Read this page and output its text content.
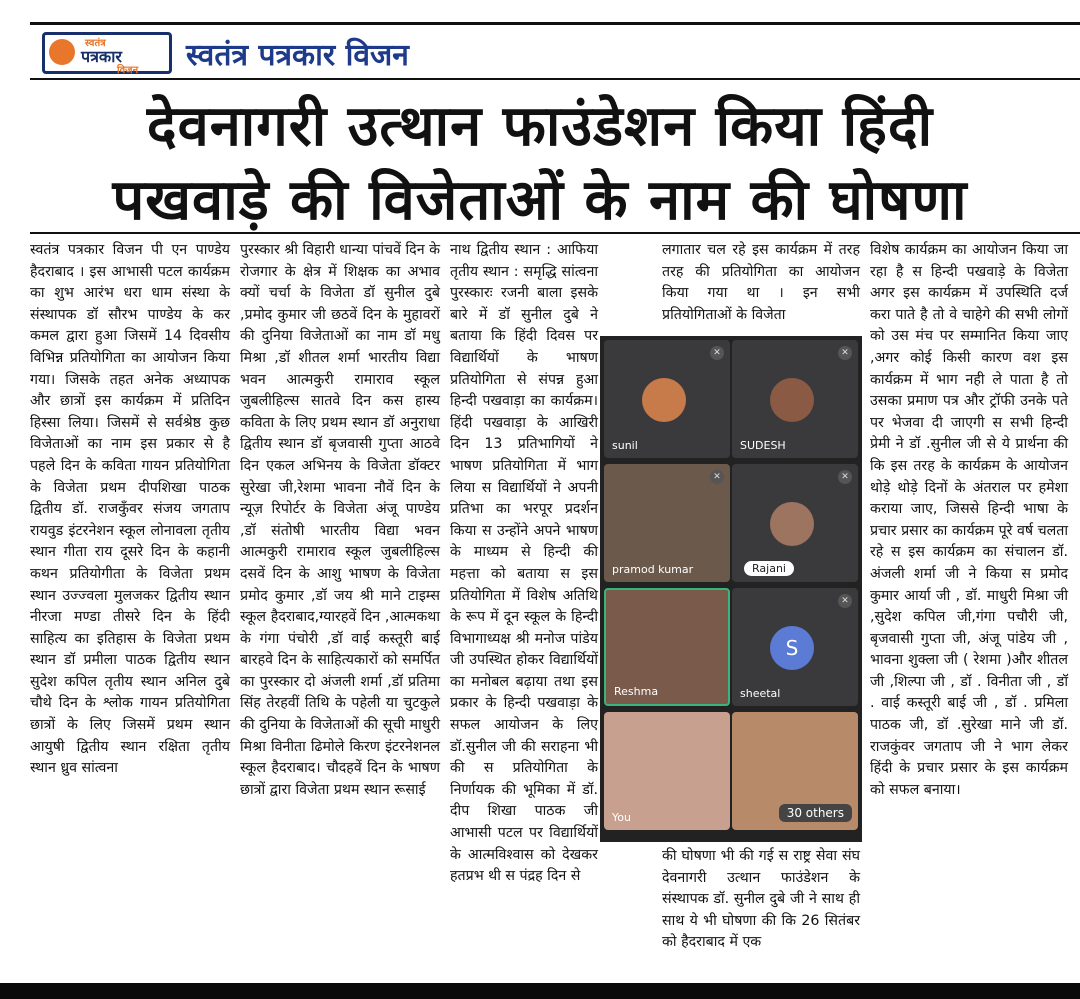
स्वतंत्र
पत्रकार
विजन स्वतंत्र पत्रकार विजन
देवनागरी उत्थान फाउंडेशन किया हिंदी
पखवाड़े की विजेताओं के नाम की घोषणा

स्वतंत्र पत्रकार विजन पी एन पाण्डेय हैदराबाद । इस आभासी पटल कार्यक्रम का शुभ आरंभ धरा धाम संस्था के संस्थापक डॉ सौरभ पाण्डेय के कर कमल द्वारा हुआ जिसमें 14 दिवसीय विभिन्न प्रतियोगिता का आयोजन किया गया। जिसके तहत अनेक अध्यापक और छात्रों इस कार्यक्रम में प्रतिदिन हिस्सा लिया। जिसमें से सर्वश्रेष्ठ कुछ विजेताओं का नाम इस प्रकार से है पहले दिन के कविता गायन प्रतियोगिता के विजेता प्रथम दीपशिखा पाठक द्वितीय डॉ. राजकुँवर संजय जगताप रायवुड इंटरनेशन स्कूल लोनावला तृतीय स्थान गीता राय दूसरे दिन के कहानी कथन प्रतियोगीता के विजेता प्रथम स्थान उज्ज्वला मुलजकर द्वितीय स्थान नीरजा मण्डा तीसरे दिन के हिंदी साहित्य का इतिहास के विजेता प्रथम स्थान डॉ प्रमीला पाठक द्वितीय स्थान सुदेश कपिल तृतीय स्थान अनिल दुबे चौथे दिन के श्लोक गायन प्रतियोगिता छात्रों के लिए जिसमें प्रथम स्थान आयुषी द्वितीय स्थान रक्षिता तृतीय स्थान ध्रुव सांत्वना

पुरस्कार श्री विहारी धान्या पांचवें दिन के रोजगार के क्षेत्र में शिक्षक का अभाव क्यों चर्चा के विजेता डॉ सुनील दुबे ,प्रमोद कुमार जी छठवें दिन के मुहावरों की दुनिया विजेताओं का नाम डॉ मधु मिश्रा ,डॉ शीतल शर्मा भारतीय विद्या भवन आत्मकुरी रामाराव स्कूल जुबलीहिल्स सातवे दिन कस हास्य कविता के लिए प्रथम स्थान डॉ अनुराधा द्वितीय स्थान डॉ बृजवासी गुप्ता आठवे दिन एकल अभिनय के विजेता डॉक्टर सुरेखा जी,रेशमा भावना नौवें दिन के न्यूज़ रिपोर्टर के विजेता अंजू पाण्डेय ,डॉ संतोषी भारतीय विद्या भवन आत्मकुरी रामाराव स्कूल जुबलीहिल्स दसवें दिन के आशु भाषण के विजेता प्रमोद कुमार ,डॉ जय श्री माने टाइम्स स्कूल हैदराबाद,ग्यारहवें दिन ,आत्मकथा के गंगा पंचोरी ,डॉ वाई कस्तूरी बाई बारहवे दिन के साहित्यकारों को समर्पित का पुरस्कार दो अंजली शर्मा ,डॉ प्रतिमा सिंह तेरहवीं तिथि के पहेली या चुटकुले की दुनिया के विजेताओं की सूची माधुरी मिश्रा विनीता ढिमोले किरण इंटरनेशनल स्कूल हैदराबाद। चौदहवें दिन के भाषण छात्रों द्वारा विजेता प्रथम स्थान रूसाई

नाथ द्वितीय स्थान : आफिया तृतीय स्थान : समृद्धि सांत्वना पुरस्कारः रजनी बाला इसके बारे में डॉ सुनील दुबे ने बताया कि हिंदी दिवस पर विद्यार्थियों के भाषण प्रतियोगिता से संपन्न हुआ हिन्दी पखवाड़ा का कार्यक्रम। हिंदी पखवाड़ा के आखिरी दिन 13 प्रतिभागियों ने भाषण प्रतियोगिता में भाग लिया स विद्यार्थियों ने अपनी प्रतिभा का भरपूर प्रदर्शन किया स उन्होंने अपने भाषण के माध्यम से हिन्दी की महत्ता को बताया स इस प्रतियोगिता में विशेष अतिथि के रूप में दून स्कूल के हिन्दी विभागाध्यक्ष श्री मनोज पांडेय जी उपस्थित होकर विद्यार्थियों का मनोबल बढ़ाया तथा इस प्रकार के हिन्दी पखवाड़ा के सफल आयोजन के लिए डॉ.सुनील जी की सराहना भी की स प्रतियोगिता के निर्णायक की भूमिका में डॉ. दीप शिखा पाठक जी आभासी पटल पर विद्यार्थियों के आत्मविश्वास को देखकर हतप्रभ थी स पंद्रह दिन से

लगातार चल रहे इस कार्यक्रम में तरह तरह की प्रतियोगिता का आयोजन किया गया था । इन सभी प्रतियोगिताओं के विजेता

की घोषणा भी की गई स राष्ट्र सेवा संघ देवनागरी उत्थान फाउंडेशन के संस्थापक डॉ. सुनील दुबे जी ने साथ ही साथ ये भी घोषणा की कि 26 सितंबर को हैदराबाद में एक

विशेष कार्यक्रम का आयोजन किया जा रहा है स हिन्दी पखवाड़े के विजेता अगर इस कार्यक्रम में उपस्थिति दर्ज करा पाते है तो वे चाहेगे की सभी लोगों को उस मंच पर सम्मानित किया जाए ,अगर कोई किसी कारण वश इस कार्यक्रम में भाग नही ले पाता है तो उसका प्रमाण पत्र और ट्रॉफी उनके पते पर भेजवा दी जाएगी स सभी हिन्दी प्रेमी ने डॉ .सुनील जी से ये प्रार्थना की कि इस तरह के कार्यक्रम के आयोजन थोड़े थोड़े दिनों के अंतराल पर हमेशा कराया जाए, जिससे हिन्दी भाषा के प्रचार प्रसार का कार्यक्रम पूरे वर्ष चलता रहे स इस कार्यक्रम का संचालन डॉ. अंजली शर्मा जी ने किया स प्रमोद कुमार आर्या जी , डॉ. माधुरी मिश्रा जी ,सुदेश कपिल जी,गंगा पचौरी जी, बृजवासी गुप्ता जी, अंजू पांडेय जी , भावना शुक्ला जी ( रेशमा )और शीतल जी ,शिल्पा जी , डॉ . विनीता जी , डॉ . वाई कस्तूरी बाई जी , डॉ . प्रमिला पाठक जी, डॉ .सुरेखा माने जी डॉ. राजकुंवर जगताप जी ने भाग लेकर हिंदी के प्रचार प्रसार के इस कार्यक्रम को सफल बनाया।

✕
sunil
✕
SUDESH
✕
pramod kumar
✕
Rajani
Reshma
✕
S
sheetal
You	30 others
